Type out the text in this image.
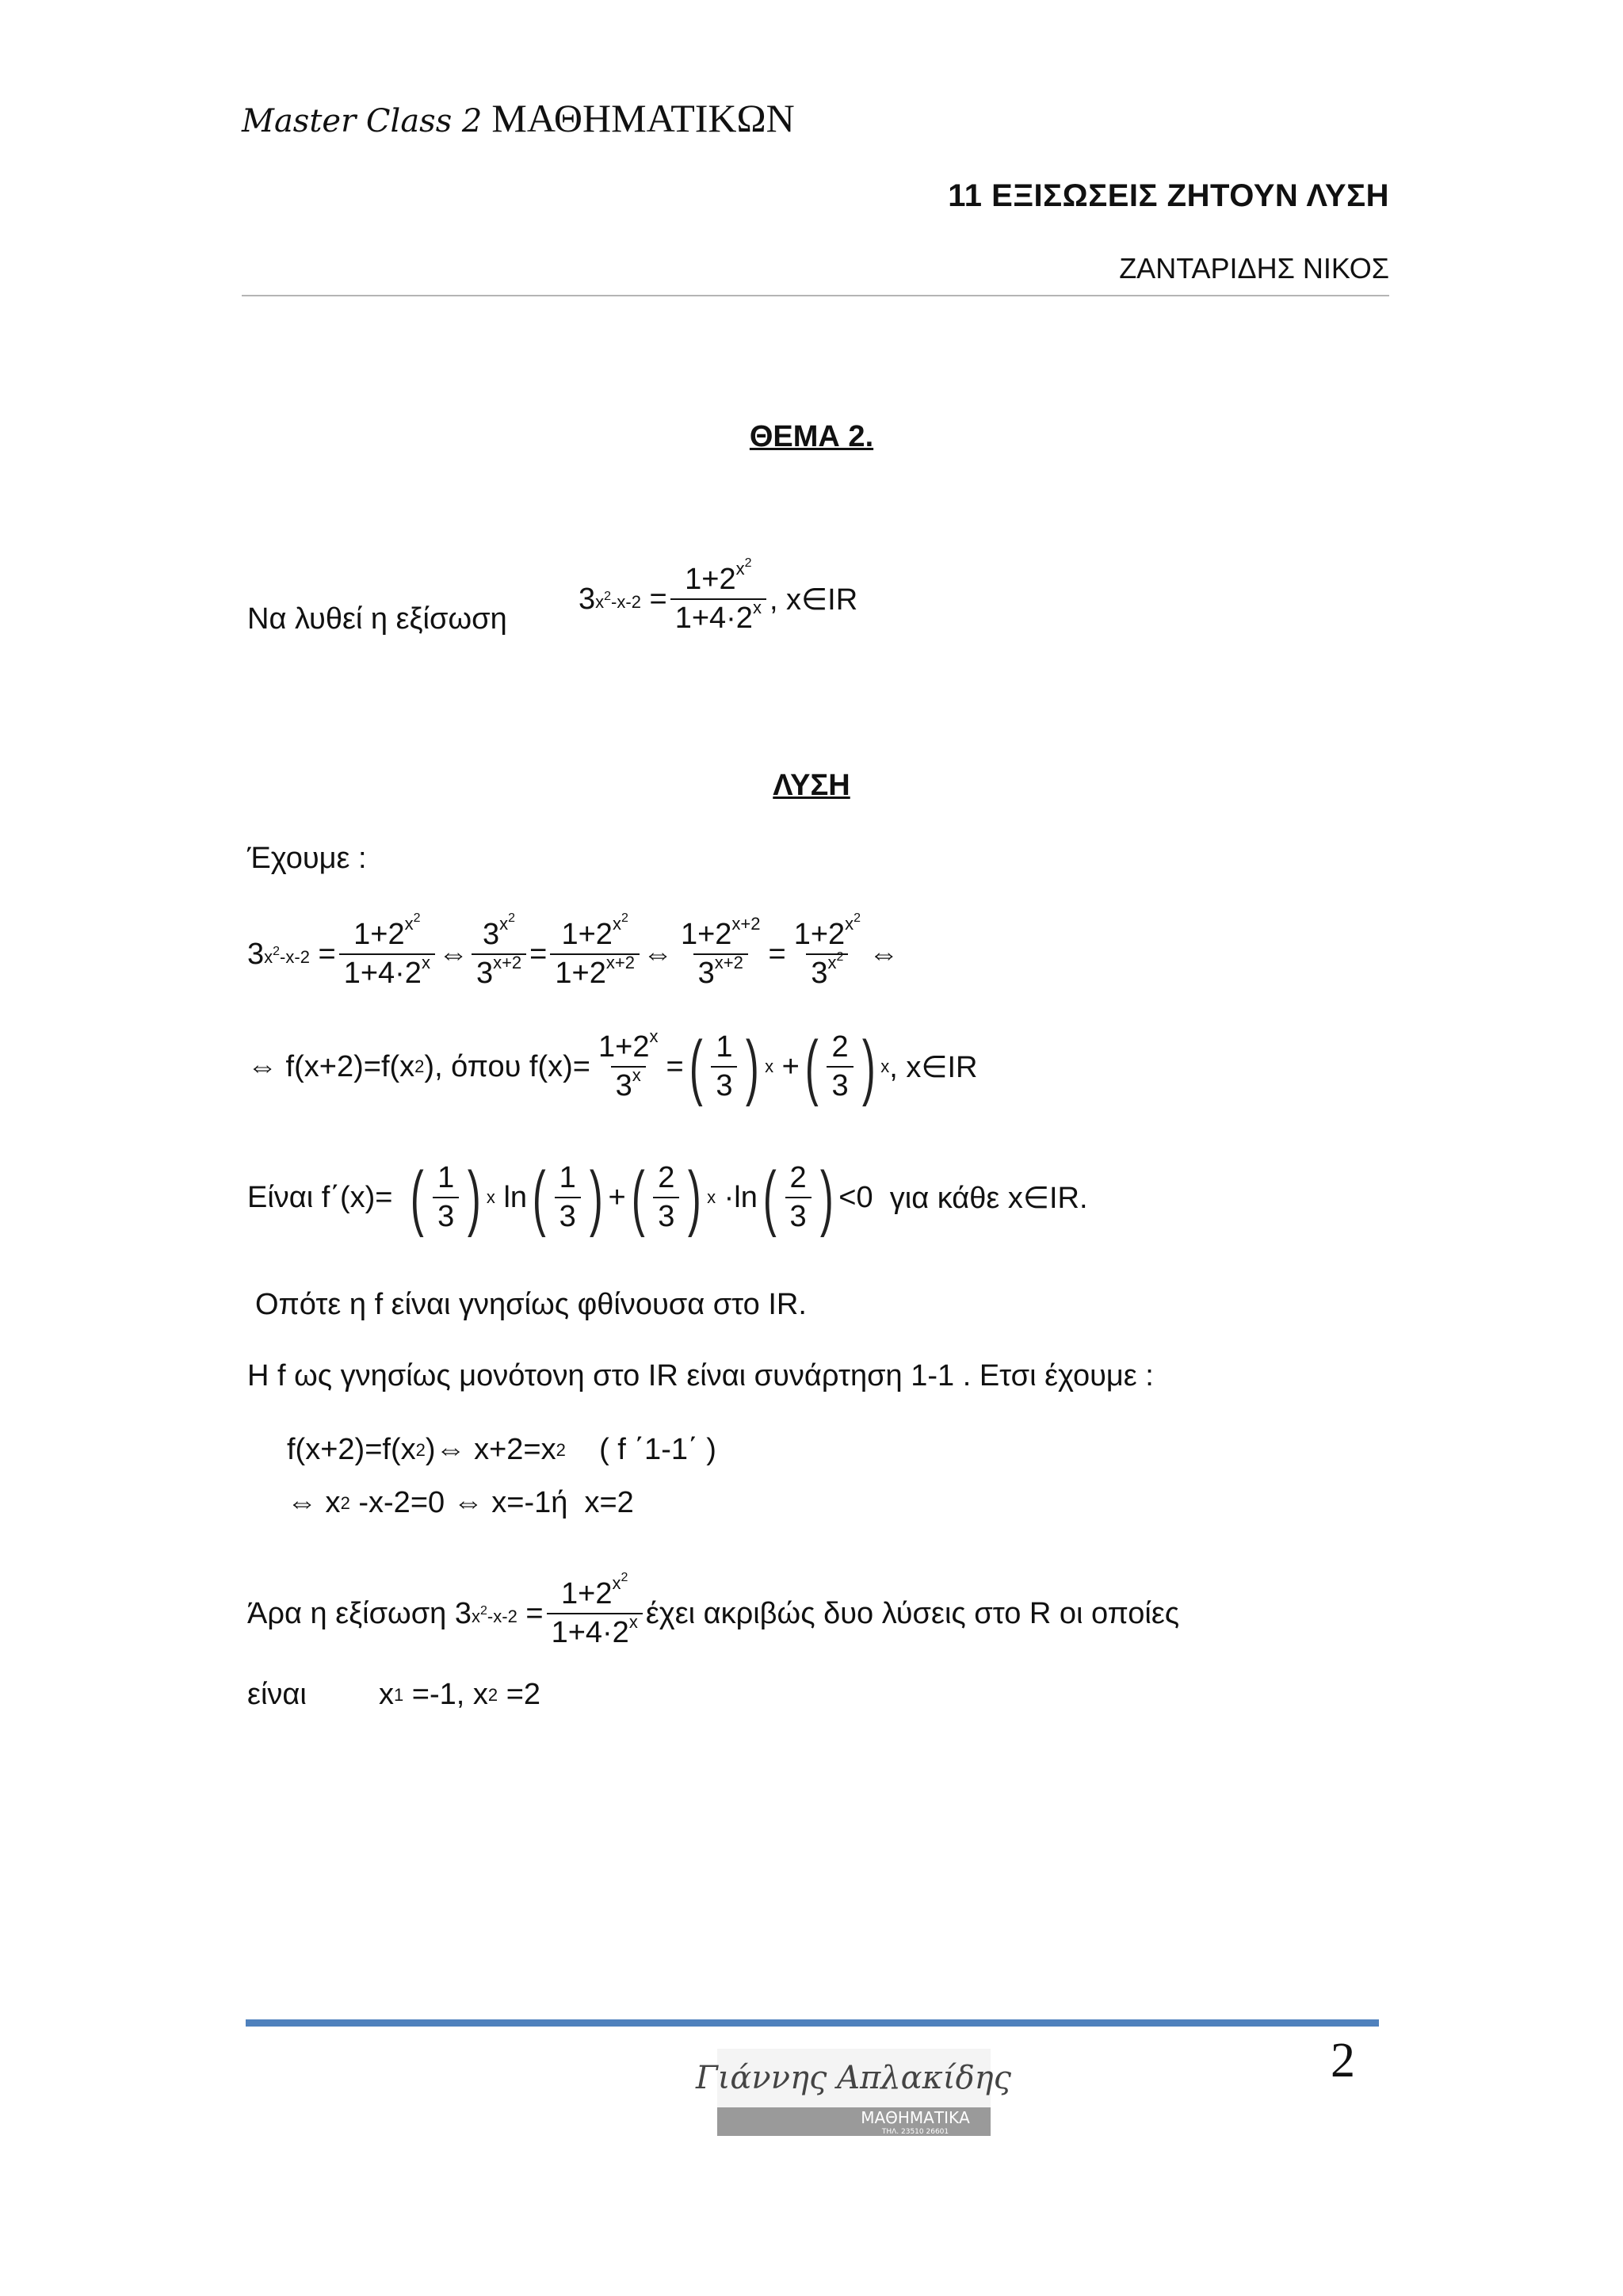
Master Class 2 ΜΑΘΗΜΑΤΙΚΩΝ
11 ΕΞΙΣΩΣΕΙΣ ΖΗΤΟΥΝ ΛΥΣΗ
ΖΑΝΤΑΡΙΔΗΣ ΝΙΚΟΣ
ΘΕΜΑ 2.
Να λυθεί η εξίσωση
3 $x^2-x-2 = \frac{1+2^{x^2}}{1+4\cdot 2^x}$ , x∈IR
ΛΥΣΗ
Έχουμε :
3 $x^2-x-2 = \frac{1+2^{x^2}}{1+4\cdot 2^x}$ ⇔ $\frac{3^{x^2}}{3^{x+2}} = \frac{1+2^{x^2}}{1+2^{x+2}}$ ⇔ $\frac{1+2^{x+2}}{3^{x+2}} = \frac{1+2^{x^2}}{3^{x^2}}$ ⇔
⇔ f(x+2)=f(x 2 ) , όπου $f(x)= \frac{1+2^x}{3^x}$ = ( $\frac{1}{3}$ ) x + ( $\frac{2}{3}$ ) x , x∈IR
Είναι f΄(x)= ( $\frac{1}{3}$ ) x ln ( $\frac{1}{3}$ ) + ( $\frac{2}{3}$ ) x ·ln ( $\frac{2}{3}$ ) <0 για κάθε x∈IR.
Οπότε η f είναι γνησίως φθίνουσα στο IR.
Η f ως γνησίως μονότονη στο IR είναι συνάρτηση 1-1 . Ετσι έχουμε :
f(x+2)=f(x 2 )⇔ x+2=x 2
( f ΄1-1΄ )
⇔ x 2 -x-2=0 ⇔ x=-1ή  x=2
Άρα η εξίσωση 3 $x^2-x-2 = \frac{1+2^{x^2}}{1+4\cdot 2^x}$ έχει ακριβώς δυο λύσεις στο R οι οποίες
είναι x 1 =-1, x 2 =2
2
Γιάννης Απλακίδης
ΜΑΘΗΜΑΤΙΚΑ
ΤΗΛ. 23510 26601
